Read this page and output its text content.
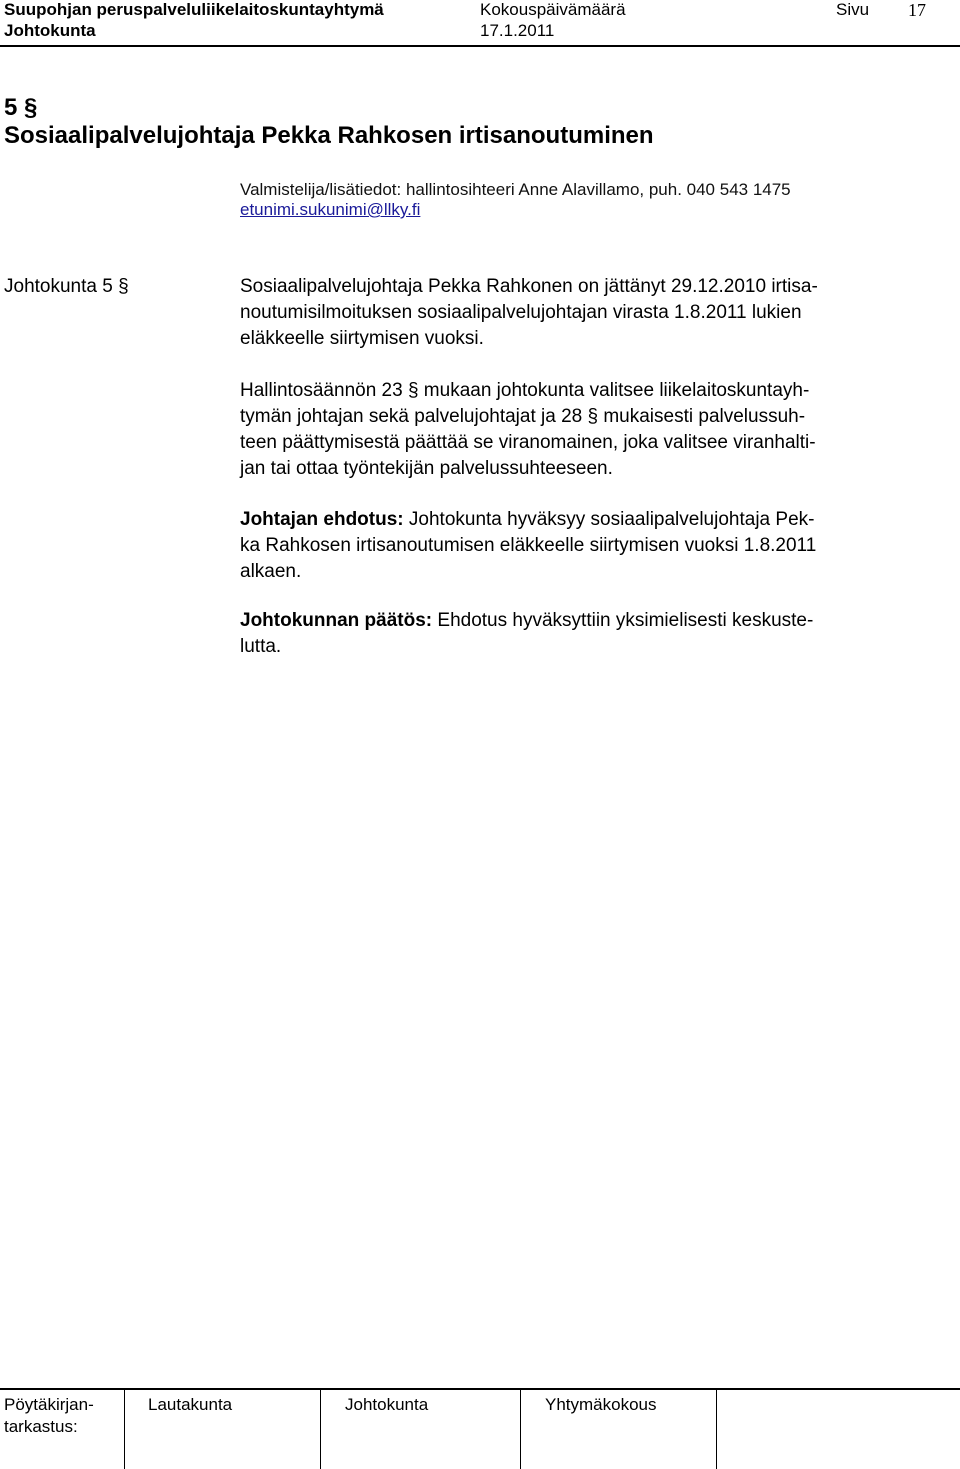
Suupohjan peruspalveluliikelaitoskuntayhtymä	Kokouspäivämäärä	Sivu 17
Johtokunta	17.1.2011
5 §
Sosiaalipalvelujohtaja Pekka Rahkosen irtisanoutuminen
Valmistelija/lisätiedot: hallintosihteeri Anne Alavillamo, puh. 040 543 1475
etunimi.sukunimi@llky.fi
Johtokunta 5 §	Sosiaalipalvelujohtaja Pekka Rahkonen on jättänyt 29.12.2010 irtisa-
noutumisilmoituksen sosiaalipalvelujohtajan virasta 1.8.2011 lukien
eläkkeelle siirtymisen vuoksi.
Hallintosäännön 23 § mukaan johtokunta valitsee liikelaitoskuntayh-
tymän johtajan sekä palvelujohtajat ja 28 § mukaisesti palvelussuh-
teen päättymisestä päättää se viranomainen, joka valitsee viranhalti-
jan tai ottaa työntekijän palvelussuhteeseen.
Johtajan ehdotus: Johtokunta hyväksyy sosiaalipalvelujohtaja Pek-
ka Rahkosen irtisanoutumisen eläkkeelle siirtymisen vuoksi 1.8.2011
alkaen.
Johtokunnan päätös: Ehdotus hyväksyttiin yksimielisesti keskuste-
lutta.
Pöytäkirjan-
tarkastus:
Lautakunta	Johtokunta	Yhtymäkokous
